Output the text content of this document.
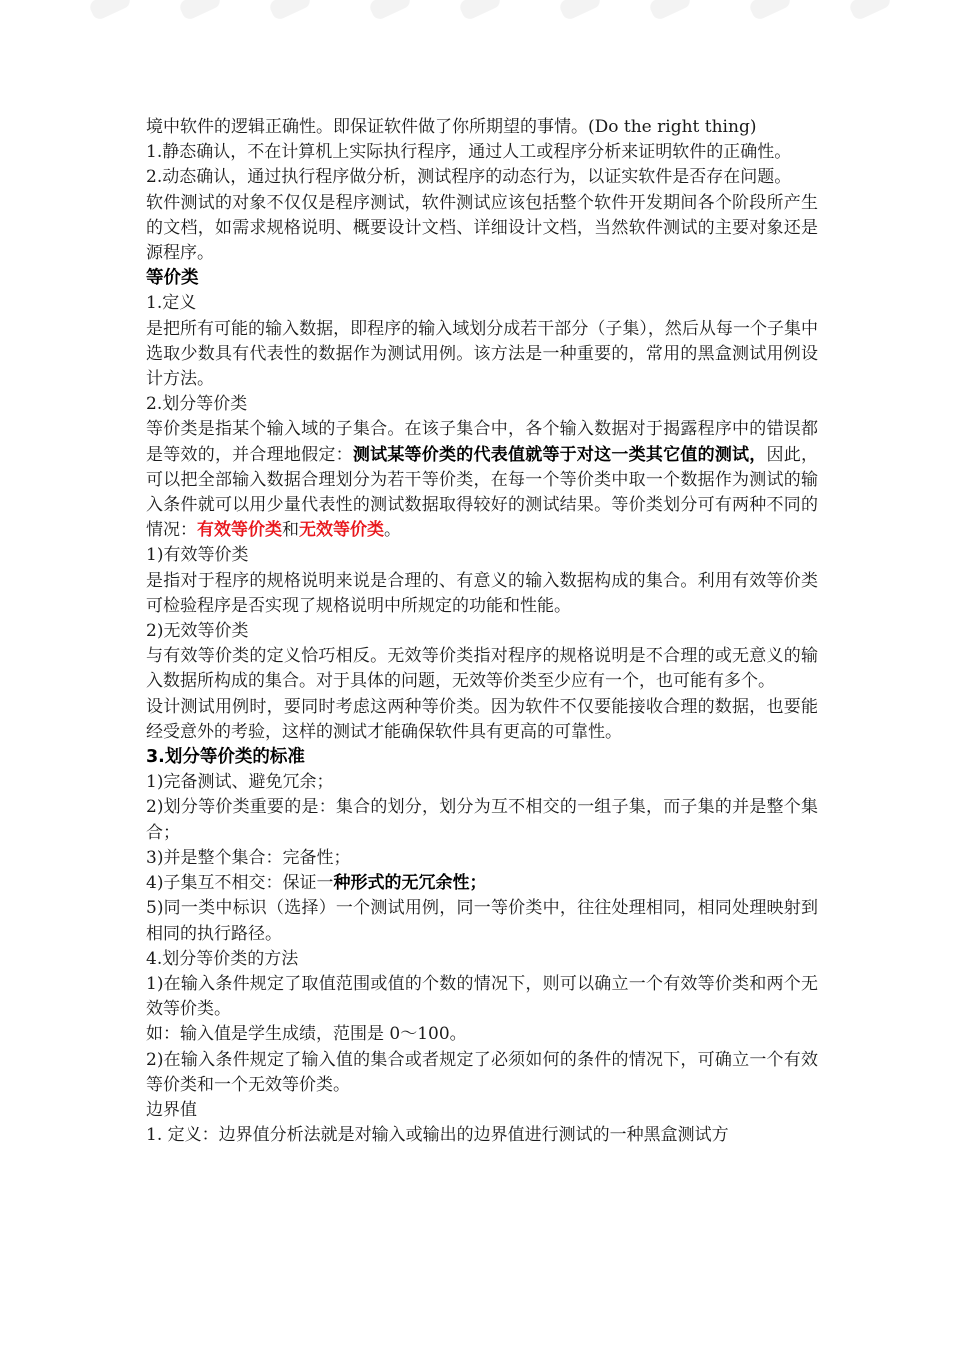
境中软件的逻辑正确性。即保证软件做了你所期望的事情。(Do the right thing)

1.静态确认，不在计算机上实际执行程序，通过人工或程序分析来证明软件的正确性。

2.动态确认，通过执行程序做分析，测试程序的动态行为，以证实软件是否存在问题。

软件测试的对象不仅仅是程序测试，软件测试应该包括整个软件开发期间各个阶段所产生的文档，如需求规格说明、概要设计文档、详细设计文档，当然软件测试的主要对象还是源程序。

等价类

1.定义

是把所有可能的输入数据，即程序的输入域划分成若干部分（子集），然后从每一个子集中选取少数具有代表性的数据作为测试用例。该方法是一种重要的，常用的黑盒测试用例设计方法。

2.划分等价类

等价类是指某个输入域的子集合。在该子集合中，各个输入数据对于揭露程序中的错误都是等效的，并合理地假定：测试某等价类的代表值就等于对这一类其它值的测试，因此，可以把全部输入数据合理划分为若干等价类，在每一个等价类中取一个数据作为测试的输入条件就可以用少量代表性的测试数据取得较好的测试结果。等价类划分可有两种不同的情况：有效等价类和无效等价类。

1)有效等价类

是指对于程序的规格说明来说是合理的、有意义的输入数据构成的集合。利用有效等价类可检验程序是否实现了规格说明中所规定的功能和性能。

2)无效等价类

与有效等价类的定义恰巧相反。无效等价类指对程序的规格说明是不合理的或无意义的输入数据所构成的集合。对于具体的问题，无效等价类至少应有一个，也可能有多个。

设计测试用例时，要同时考虑这两种等价类。因为软件不仅要能接收合理的数据，也要能经受意外的考验，这样的测试才能确保软件具有更高的可靠性。

3.划分等价类的标准

1)完备测试、避免冗余；

2)划分等价类重要的是：集合的划分，划分为互不相交的一组子集，而子集的并是整个集合；

3)并是整个集合：完备性；

4)子集互不相交：保证一种形式的无冗余性；

5)同一类中标识（选择）一个测试用例，同一等价类中，往往处理相同，相同处理映射到相同的执行路径。

4.划分等价类的方法

1)在输入条件规定了取值范围或值的个数的情况下，则可以确立一个有效等价类和两个无效等价类。

如：输入值是学生成绩，范围是 0～100。

2)在输入条件规定了输入值的集合或者规定了必须如何的条件的情况下，可确立一个有效等价类和一个无效等价类。

边界值

1. 定义：边界值分析法就是对输入或输出的边界值进行测试的一种黑盒测试方
